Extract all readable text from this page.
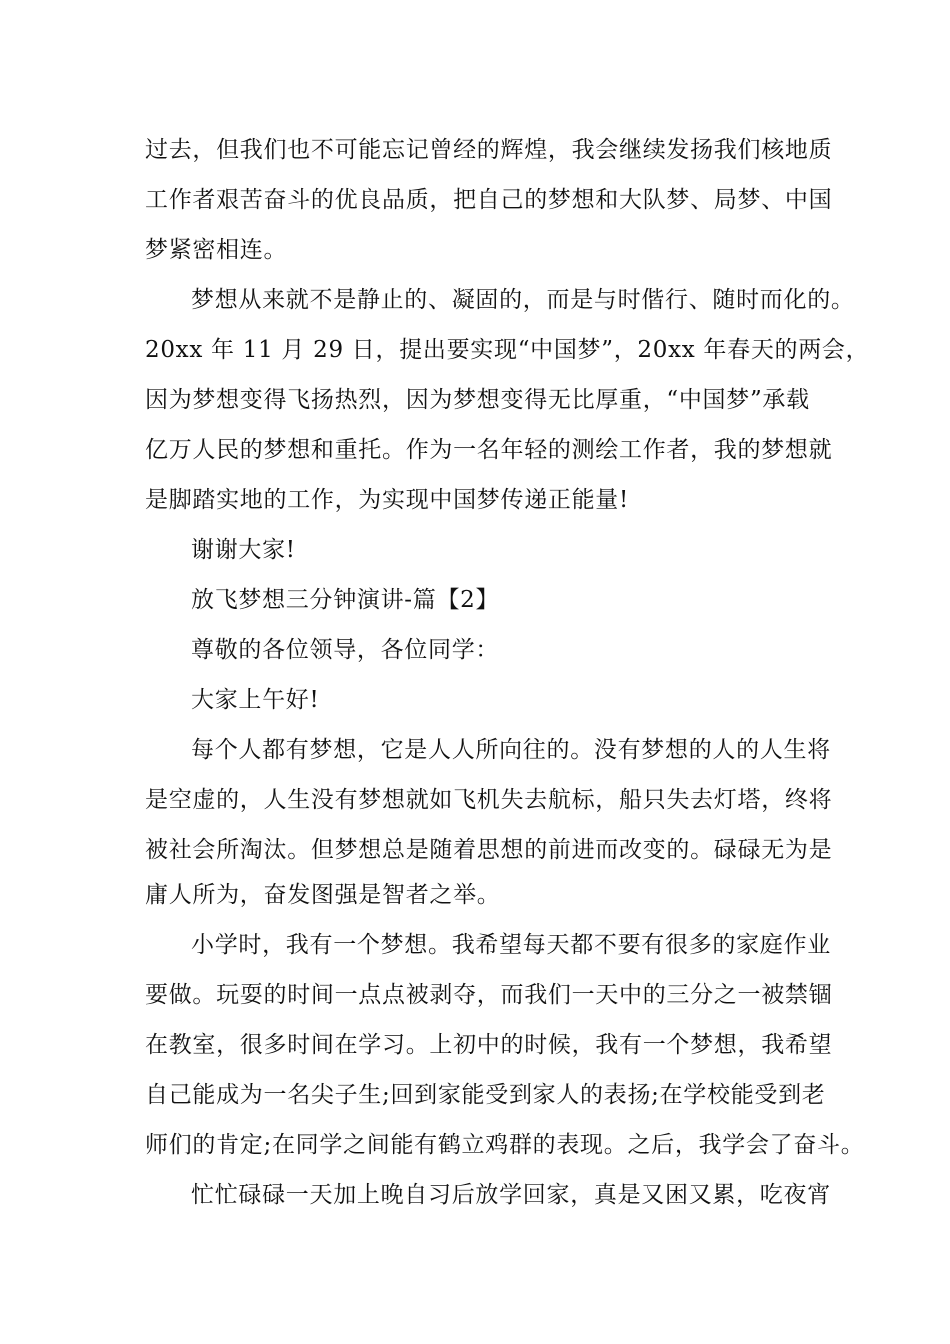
过去，但我们也不可能忘记曾经的辉煌，我会继续发扬我们核地质
工作者艰苦奋斗的优良品质，把自己的梦想和大队梦、局梦、中国
梦紧密相连。
梦想从来就不是静止的、凝固的，而是与时偕行、随时而化的。
20xx 年 11 月 29 日，提出要实现“中国梦”，20xx 年春天的两会，
因为梦想变得飞扬热烈，因为梦想变得无比厚重，“中国梦”承载
亿万人民的梦想和重托。作为一名年轻的测绘工作者，我的梦想就
是脚踏实地的工作，为实现中国梦传递正能量!
谢谢大家!
放飞梦想三分钟演讲-篇【2】
尊敬的各位领导，各位同学：
大家上午好!
每个人都有梦想，它是人人所向往的。没有梦想的人的人生将
是空虚的，人生没有梦想就如飞机失去航标，船只失去灯塔，终将
被社会所淘汰。但梦想总是随着思想的前进而改变的。碌碌无为是
庸人所为，奋发图强是智者之举。
小学时，我有一个梦想。我希望每天都不要有很多的家庭作业
要做。玩耍的时间一点点被剥夺，而我们一天中的三分之一被禁锢
在教室，很多时间在学习。上初中的时候，我有一个梦想，我希望
自己能成为一名尖子生;回到家能受到家人的表扬;在学校能受到老
师们的肯定;在同学之间能有鹤立鸡群的表现。之后，我学会了奋斗。
忙忙碌碌一天加上晚自习后放学回家，真是又困又累，吃夜宵
